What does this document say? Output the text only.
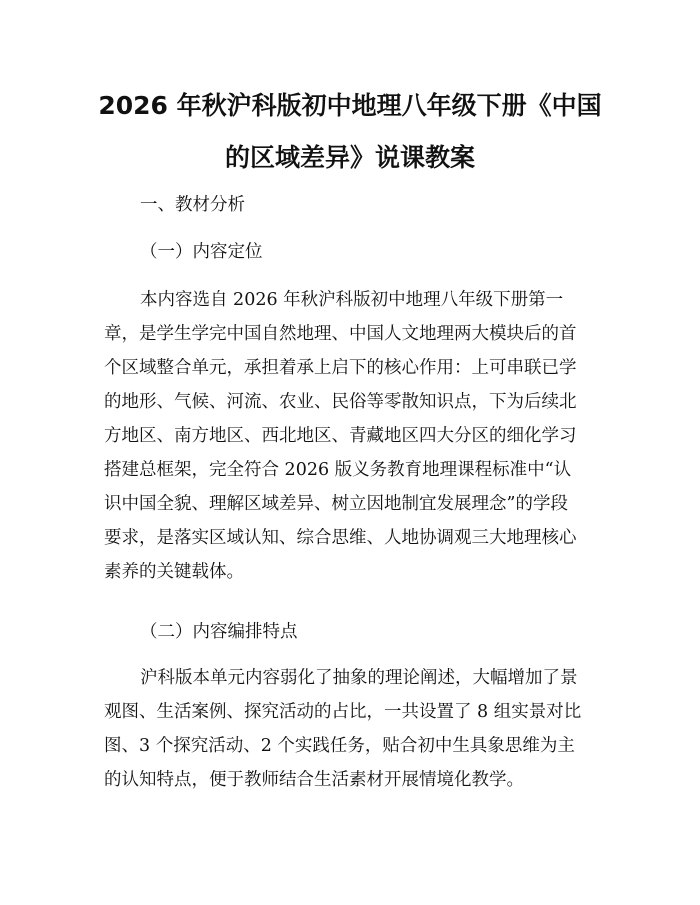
2026 年秋沪科版初中地理八年级下册《中国
的区域差异》说课教案
一、教材分析
（一）内容定位
本内容选自 2026 年秋沪科版初中地理八年级下册第一
章，是学生学完中国自然地理、中国人文地理两大模块后的首
个区域整合单元，承担着承上启下的核心作用：上可串联已学
的地形、气候、河流、农业、民俗等零散知识点，下为后续北
方地区、南方地区、西北地区、青藏地区四大分区的细化学习
搭建总框架，完全符合 2026 版义务教育地理课程标准中“认
识中国全貌、理解区域差异、树立因地制宜发展理念”的学段
要求，是落实区域认知、综合思维、人地协调观三大地理核心
素养的关键载体。
（二）内容编排特点
沪科版本单元内容弱化了抽象的理论阐述，大幅增加了景
观图、生活案例、探究活动的占比，一共设置了 8 组实景对比
图、3 个探究活动、2 个实践任务，贴合初中生具象思维为主
的认知特点，便于教师结合生活素材开展情境化教学。
